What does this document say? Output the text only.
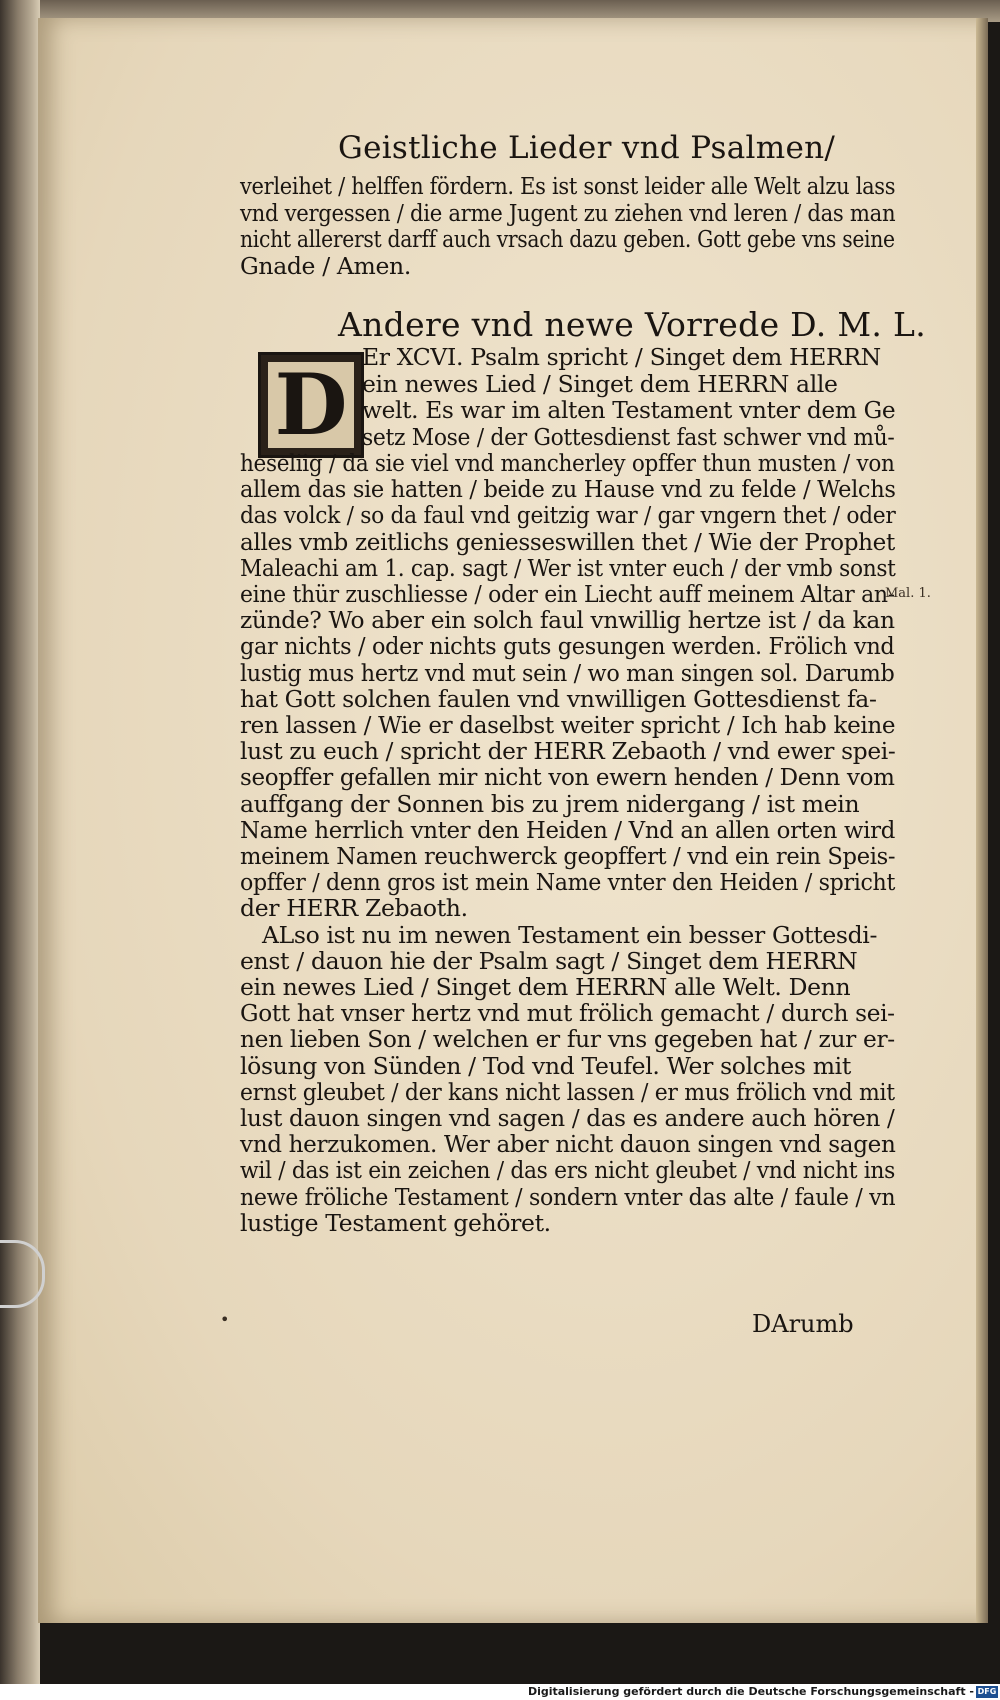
Geistliche Lieder vnd Psalmen/
verleihet / helffen fördern. Es ist sonst leider alle Welt alzu lass
vnd vergessen / die arme Jugent zu ziehen vnd leren / das man
nicht allererst darff auch vrsach dazu geben. Gott gebe vns seine
Gnade / Amen.
Andere vnd newe Vorrede D. M. L.
D Er XCVI. Psalm spricht / Singet dem HERRN
ein newes Lied / Singet dem HERRN alle
welt. Es war im alten Testament vnter dem Ge
setz Mose / der Gottesdienst fast schwer vnd mů-
heseliig / da sie viel vnd mancherley opffer thun musten / von
allem das sie hatten / beide zu Hause vnd zu felde / Welchs
das volck / so da faul vnd geitzig war / gar vngern thet / oder
alles vmb zeitlichs geniesseswillen thet / Wie der Prophet
Maleachi am 1. cap. sagt / Wer ist vnter euch / der vmb sonst
eine thür zuschliesse / oder ein Liecht auff meinem Altar an-
zünde? Wo aber ein solch faul vnwillig hertze ist / da kan
gar nichts / oder nichts guts gesungen werden. Frölich vnd
lustig mus hertz vnd mut sein / wo man singen sol. Darumb
hat Gott solchen faulen vnd vnwilligen Gottesdienst fa-
ren lassen / Wie er daselbst weiter spricht / Ich hab keine
lust zu euch / spricht der HERR Zebaoth / vnd ewer spei-
seopffer gefallen mir nicht von ewern henden / Denn vom
auffgang der Sonnen bis zu jrem nidergang / ist mein
Name herrlich vnter den Heiden / Vnd an allen orten wird
meinem Namen reuchwerck geopffert / vnd ein rein Speis-
opffer / denn gros ist mein Name vnter den Heiden / spricht
der HERR Zebaoth.
ALso ist nu im newen Testament ein besser Gottesdi-
enst / dauon hie der Psalm sagt / Singet dem HERRN
ein newes Lied / Singet dem HERRN alle Welt. Denn
Gott hat vnser hertz vnd mut frölich gemacht / durch sei-
nen lieben Son / welchen er fur vns gegeben hat / zur er-
lösung von Sünden / Tod vnd Teufel. Wer solches mit
ernst gleubet / der kans nicht lassen / er mus frölich vnd mit
lust dauon singen vnd sagen / das es andere auch hören /
vnd herzukomen. Wer aber nicht dauon singen vnd sagen
wil / das ist ein zeichen / das ers nicht gleubet / vnd nicht ins
newe fröliche Testament / sondern vnter das alte / faule / vn
lustige Testament gehöret.
Mal. 1.
•	DArumb
Digitalisierung gefördert durch die Deutsche Forschungsgemeinschaft - DFG
